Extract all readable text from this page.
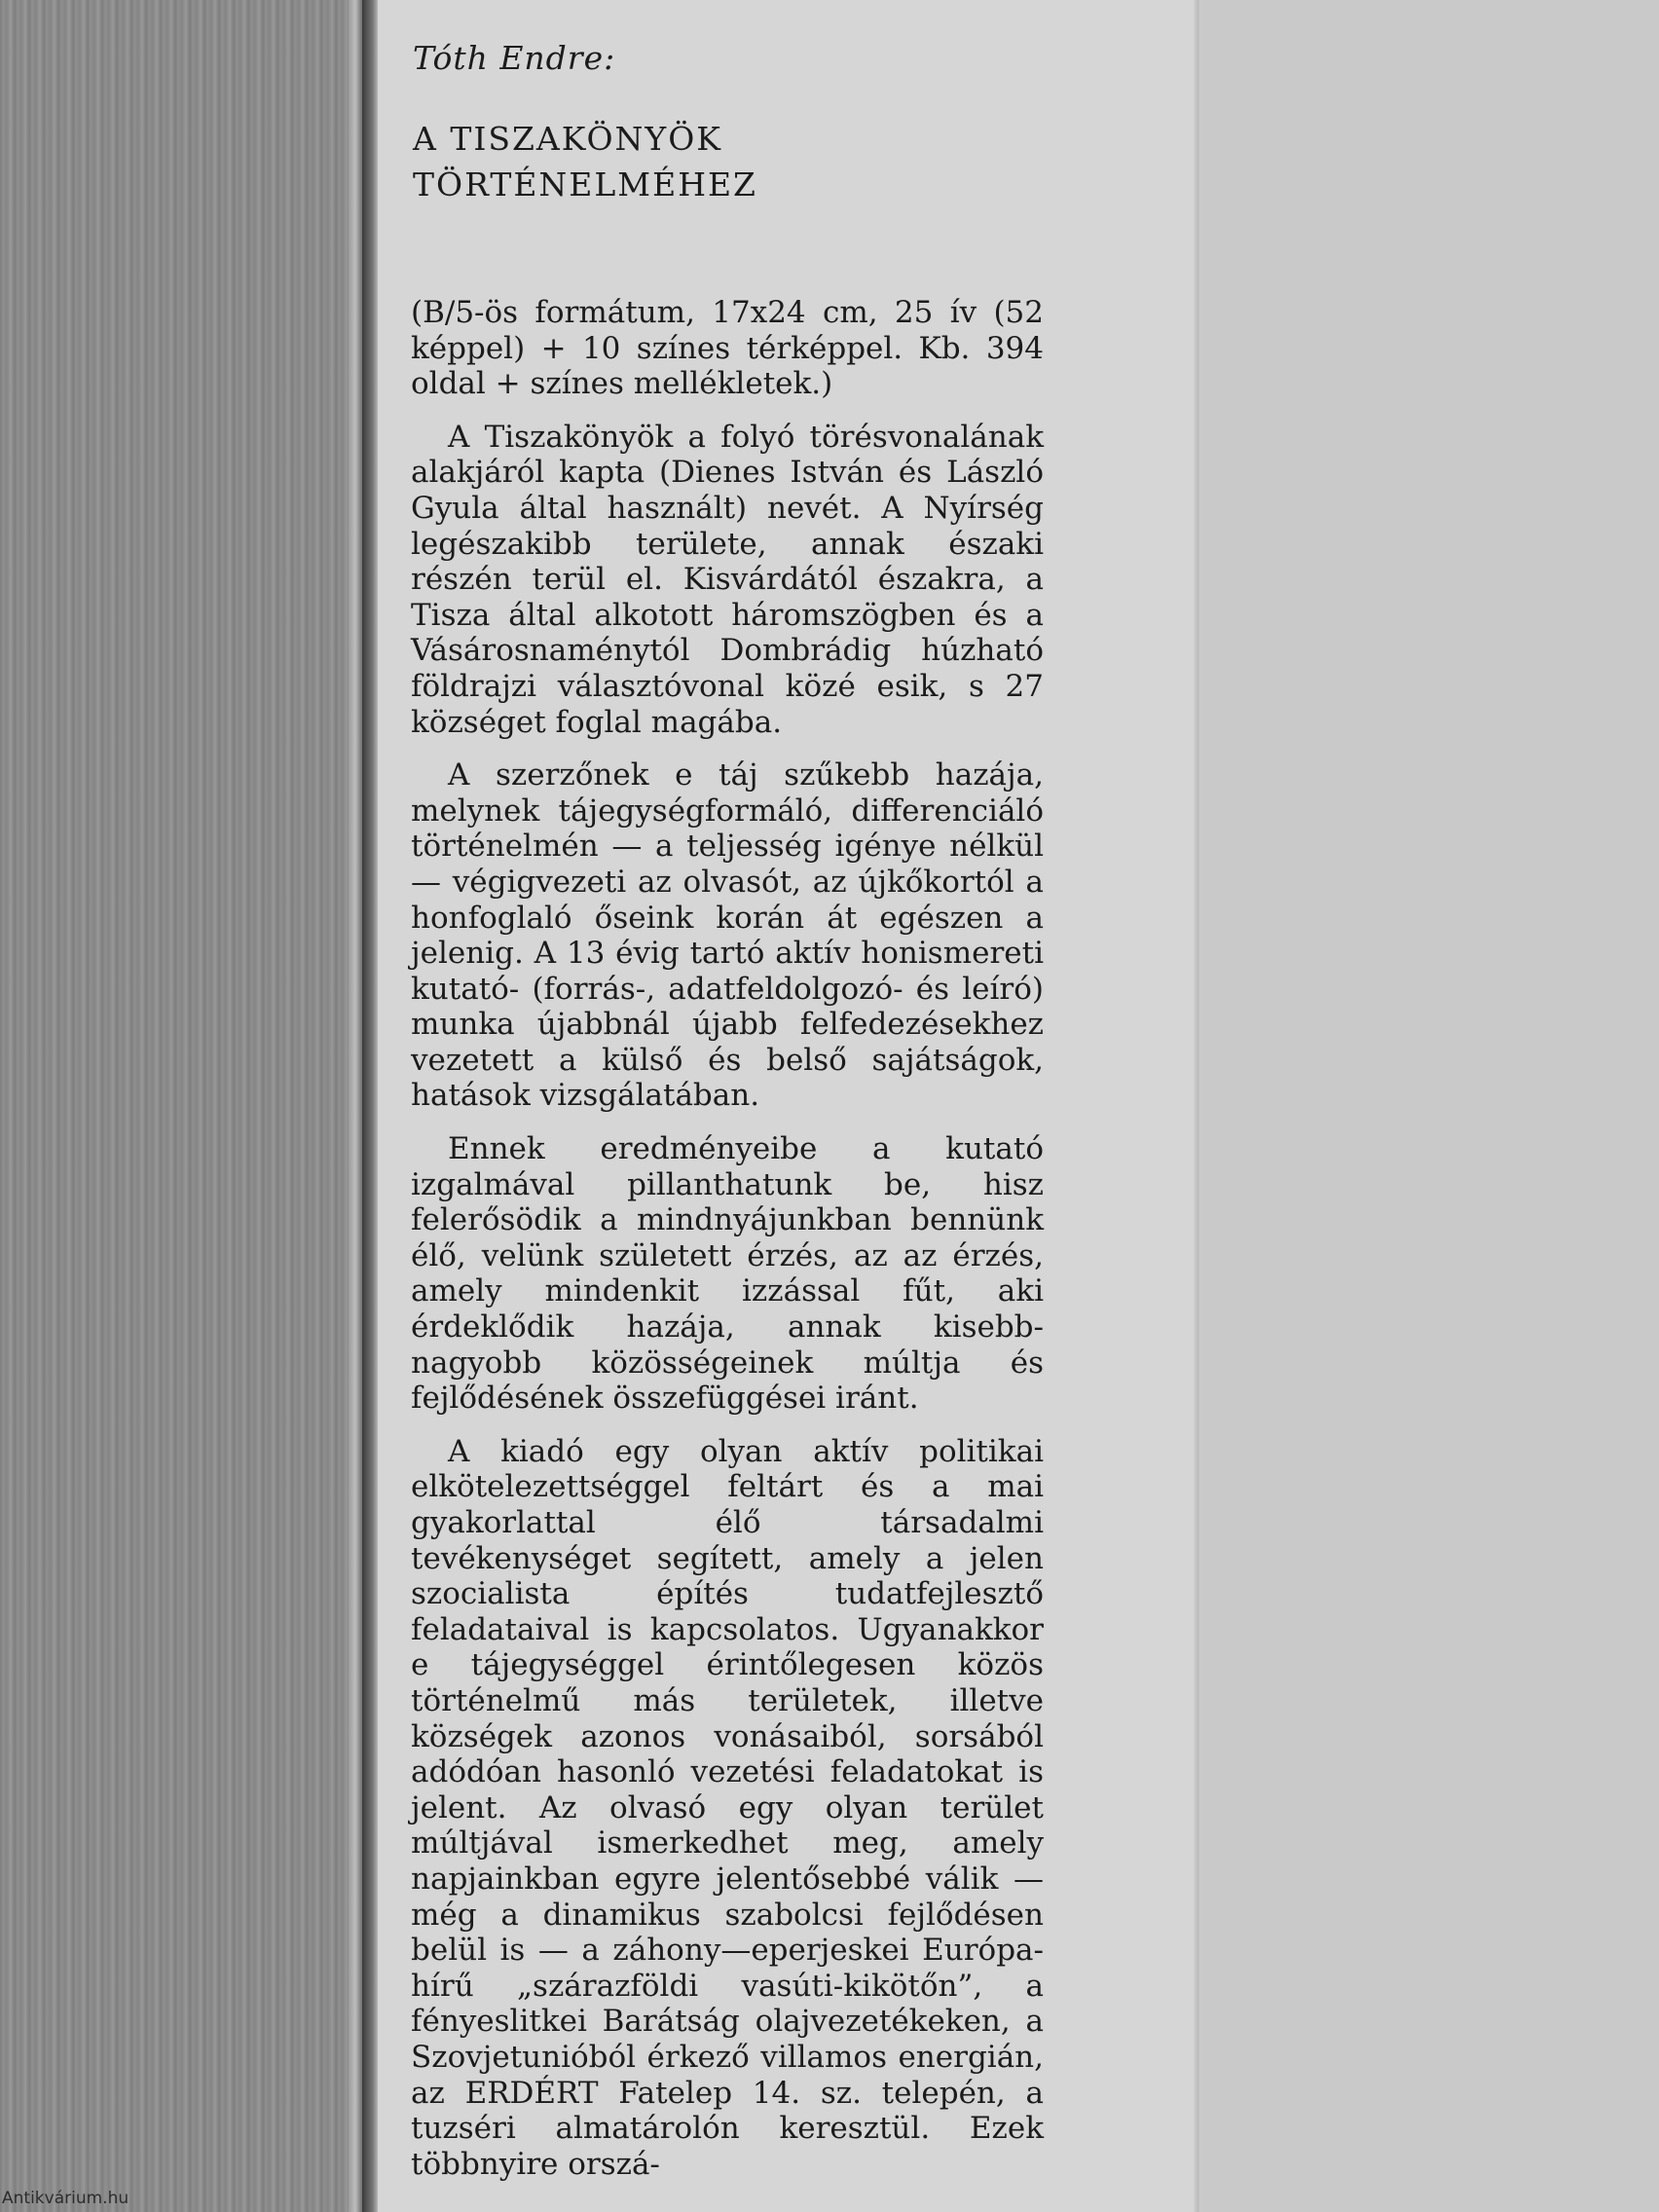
Tóth Endre:
A TISZAKÖNYÖK
TÖRTÉNELMÉHEZ

(B/5-ös formátum, 17x24 cm, 25 ív (52 képpel) + 10 színes térképpel. Kb. 394 oldal + színes mellékletek.)

A Tiszakönyök a folyó törésvonalának alakjáról kapta (Dienes István és László Gyula által használt) nevét. A Nyírség legészakibb területe, annak északi részén terül el. Kisvárdától északra, a Tisza által alkotott háromszögben és a Vásárosnaménytól Dombrádig húzható földrajzi választóvonal közé esik, s 27 községet foglal magába.

A szerzőnek e táj szűkebb hazája, melynek tájegységformáló, differenciáló történelmén — a teljesség igénye nélkül — végigvezeti az olvasót, az újkőkortól a honfoglaló őseink korán át egészen a jelenig. A 13 évig tartó aktív honismereti kutató- (forrás-, adatfeldolgozó- és leíró) munka újabbnál újabb felfedezésekhez vezetett a külső és belső sajátságok, hatások vizsgálatában.

Ennek eredményeibe a kutató izgalmával pillanthatunk be, hisz felerősödik a mindnyájunkban bennünk élő, velünk született érzés, az az érzés, amely mindenkit izzással fűt, aki érdeklődik hazája, annak kisebb-nagyobb közösségeinek múltja és fejlődésének összefüggései iránt.

A kiadó egy olyan aktív politikai elkötelezettséggel feltárt és a mai gyakorlattal élő társadalmi tevékenységet segített, amely a jelen szocialista építés tudatfejlesztő feladataival is kapcsolatos. Ugyanakkor e tájegységgel érintőlegesen közös történelmű más területek, illetve községek azonos vonásaiból, sorsából adódóan hasonló vezetési feladatokat is jelent. Az olvasó egy olyan terület múltjával ismerkedhet meg, amely napjainkban egyre jelentősebbé válik — még a dinamikus szabolcsi fejlődésen belül is — a záhony—eperjeskei Európa-hírű „szárazföldi vasúti-kikötőn”, a fényeslitkei Barátság olajvezetékeken, a Szovjetunióból érkező villamos energián, az ERDÉRT Fatelep 14. sz. telepén, a tuzséri almatárolón keresztül. Ezek többnyire orszá-

Antikvárium.hu
